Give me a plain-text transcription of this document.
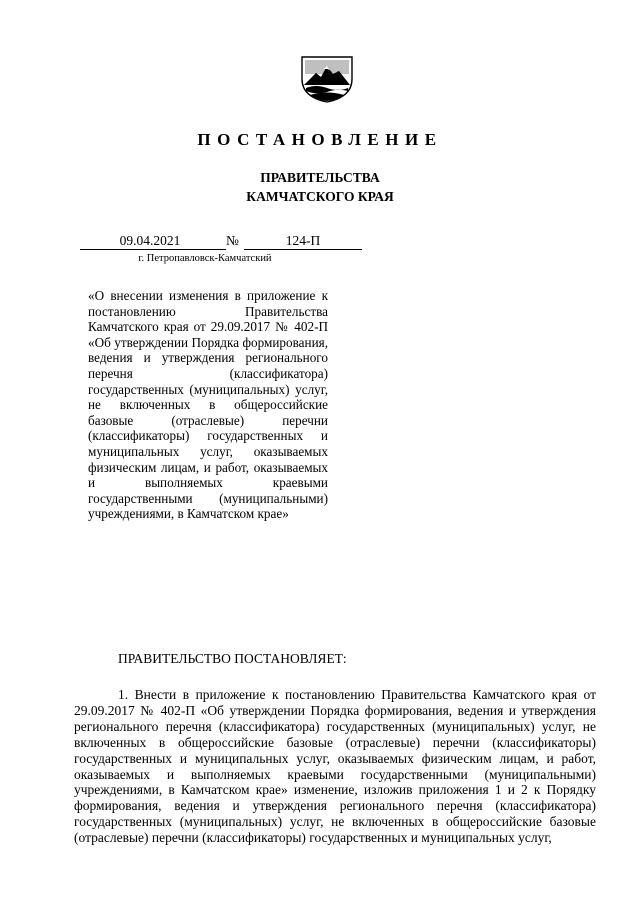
ПОСТАНОВЛЕНИЕ
ПРАВИТЕЛЬСТВА
КАМЧАТСКОГО КРАЯ
09.04.2021	№	124-П
г. Петропавловск-Камчатский
«О внесении изменения в приложение к постановлению Правительства Камчатского края от 29.09.2017 № 402-П «Об утверждении Порядка формирования, ведения и утверждения регионального перечня (классификатора) государственных (муниципальных) услуг, не включенных в общероссийские базовые (отраслевые) перечни (классификаторы) государственных и муниципальных услуг, оказываемых физическим лицам, и работ, оказываемых и выполняемых краевыми государственными (муниципальными) учреждениями, в Камчатском крае»
ПРАВИТЕЛЬСТВО ПОСТАНОВЛЯЕТ:
1. Внести в приложение к постановлению Правительства Камчатского края от 29.09.2017 № 402-П «Об утверждении Порядка формирования, ведения и утверждения регионального перечня (классификатора) государственных (муниципальных) услуг, не включенных в общероссийские базовые (отраслевые) перечни (классификаторы) государственных и муниципальных услуг, оказываемых физическим лицам, и работ, оказываемых и выполняемых краевыми государственными (муниципальными) учреждениями, в Камчатском крае» изменение, изложив приложения 1 и 2 к Порядку формирования, ведения и утверждения регионального перечня (классификатора) государственных (муниципальных) услуг, не включенных в общероссийские базовые (отраслевые) перечни (классификаторы) государственных и муниципальных услуг,
